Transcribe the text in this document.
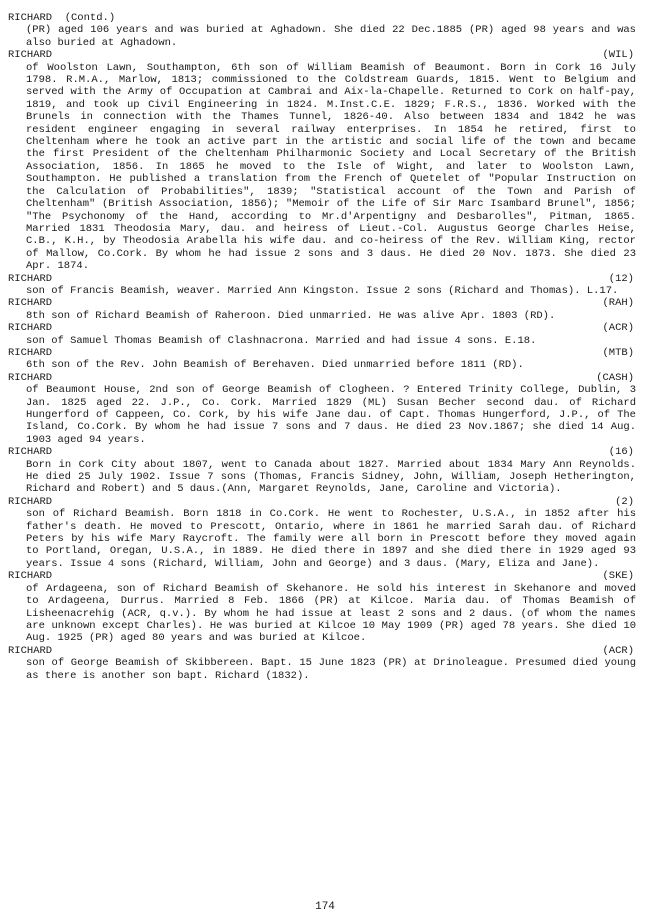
RICHARD  (Contd.)
(PR) aged 106 years and was buried at Aghadown. She died 22 Dec.1885 (PR) aged 98 years and was also buried at Aghadown.
RICHARD	(WIL)
of Woolston Lawn, Southampton, 6th son of William Beamish of Beaumont. Born in Cork 16 July 1798. R.M.A., Marlow, 1813; commissioned to the Coldstream Guards, 1815. Went to Belgium and served with the Army of Occupation at Cambrai and Aix-la-Chapelle. Returned to Cork on half-pay, 1819, and took up Civil Engineering in 1824. M.Inst.C.E. 1829; F.R.S., 1836. Worked with the Brunels in connection with the Thames Tunnel, 1826-40. Also between 1834 and 1842 he was resident engineer engaging in several railway enterprises. In 1854 he retired, first to Cheltenham where he took an active part in the artistic and social life of the town and became the first President of the Cheltenham Philharmonic Society and Local Secretary of the British Association, 1856. In 1865 he moved to the Isle of Wight, and later to Woolston Lawn, Southampton. He published a translation from the French of Quetelet of "Popular Instruction on the Calculation of Probabilities", 1839; "Statistical account of the Town and Parish of Cheltenham" (British Association, 1856); "Memoir of the Life of Sir Marc Isambard Brunel", 1856; "The Psychonomy of the Hand, according to Mr.d'Arpentigny and Desbarolles", Pitman, 1865. Married 1831 Theodosia Mary, dau. and heiress of Lieut.-Col. Augustus George Charles Heise, C.B., K.H., by Theodosia Arabella his wife dau. and co-heiress of the Rev. William King, rector of Mallow, Co.Cork. By whom he had issue 2 sons and 3 daus. He died 20 Nov. 1873. She died 23 Apr. 1874.
RICHARD	(12)
son of Francis Beamish, weaver. Married Ann Kingston. Issue 2 sons (Richard and Thomas). L.17.
RICHARD	(RAH)
8th son of Richard Beamish of Raheroon. Died unmarried. He was alive Apr. 1803 (RD).
RICHARD	(ACR)
son of Samuel Thomas Beamish of Clashnacrona. Married and had issue 4 sons. E.18.
RICHARD	(MTB)
6th son of the Rev. John Beamish of Berehaven. Died unmarried before 1811 (RD).
RICHARD	(CASH)
of Beaumont House, 2nd son of George Beamish of Clogheen. ? Entered Trinity College, Dublin, 3 Jan. 1825 aged 22. J.P., Co. Cork. Married 1829 (ML) Susan Becher second dau. of Richard Hungerford of Cappeen, Co. Cork, by his wife Jane dau. of Capt. Thomas Hungerford, J.P., of The Island, Co.Cork. By whom he had issue 7 sons and 7 daus. He died 23 Nov.1867; she died 14 Aug. 1903 aged 94 years.
RICHARD	(16)
Born in Cork City about 1807, went to Canada about 1827. Married about 1834 Mary Ann Reynolds. He died 25 July 1902. Issue 7 sons (Thomas, Francis Sidney, John, William, Joseph Hetherington, Richard and Robert) and 5 daus.(Ann, Margaret Reynolds, Jane, Caroline and Victoria).
RICHARD	(2)
son of Richard Beamish. Born 1818 in Co.Cork. He went to Rochester, U.S.A., in 1852 after his father's death. He moved to Prescott, Ontario, where in 1861 he married Sarah dau. of Richard Peters by his wife Mary Raycroft. The family were all born in Prescott before they moved again to Portland, Oregan, U.S.A., in 1889. He died there in 1897 and she died there in 1929 aged 93 years. Issue 4 sons (Richard, William, John and George) and 3 daus. (Mary, Eliza and Jane).
RICHARD	(SKE)
of Ardageena, son of Richard Beamish of Skehanore. He sold his interest in Skehanore and moved to Ardageena, Durrus. Married 8 Feb. 1866 (PR) at Kilcoe. Maria dau. of Thomas Beamish of Lisheenacrehig (ACR, q.v.). By whom he had issue at least 2 sons and 2 daus. (of whom the names are unknown except Charles). He was buried at Kilcoe 10 May 1909 (PR) aged 78 years. She died 10 Aug. 1925 (PR) aged 80 years and was buried at Kilcoe.
RICHARD	(ACR)
son of George Beamish of Skibbereen. Bapt. 15 June 1823 (PR) at Drinoleague. Presumed died young as there is another son bapt. Richard (1832).
174
